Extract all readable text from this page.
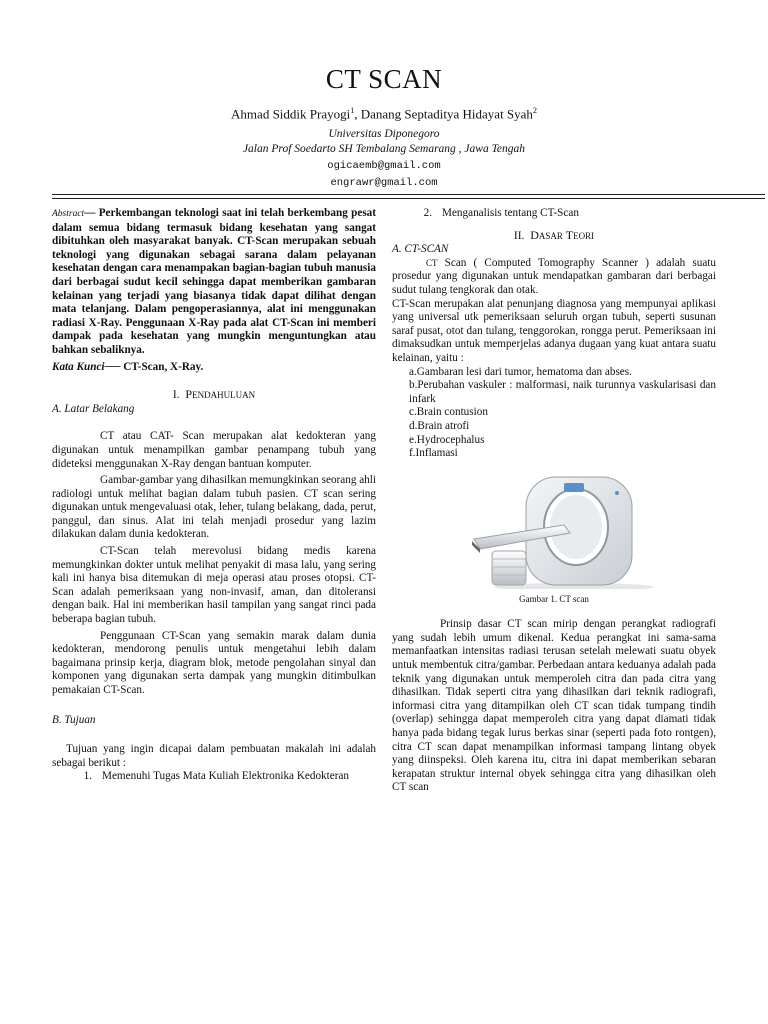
CT SCAN
Ahmad Siddik Prayogi$^1$, Danang Septaditya Hidayat Syah$^2$
Universitas Diponegoro
Jalan Prof Soedarto SH Tembalang Semarang , Jawa Tengah
ogicaemb@gmail.com
engrawr@gmail.com

Abstract— Perkembangan teknologi saat ini telah berkembang pesat dalam semua bidang termasuk bidang kesehatan yang sangat dibituhkan oleh masyarakat banyak. CT-Scan merupakan sebuah teknologi yang digunakan sebagai sarana dalam pelayanan kesehatan dengan cara menampakan bagian-bagian tubuh manusia dari berbagai sudut kecil sehingga dapat memberikan gambaran kelainan yang terjadi yang biasanya tidak dapat dilihat dengan mata telanjang. Dalam pengoperasiannya, alat ini menggunakan radiasi X-Ray. Penggunaan X-Ray pada alat CT-Scan ini memberi dampak pada kesehatan yang mungkin menguntungkan atau bahkan sebaliknya.

Kata Kunci── CT-Scan, X-Ray.

I. PENDAHULUAN
A. Latar Belakang

CT atau CAT- Scan merupakan alat kedokteran yang digunakan untuk menampilkan gambar penampang tubuh yang dideteksi menggunakan X-Ray dengan bantuan komputer.

Gambar-gambar yang dihasilkan memungkinkan seorang ahli radiologi untuk melihat bagian dalam tubuh pasien. CT scan sering digunakan untuk mengevaluasi otak, leher, tulang belakang, dada, perut, panggul, dan sinus. Alat ini telah menjadi prosedur yang lazim dilakukan dalam dunia kedokteran.

CT-Scan telah merevolusi bidang medis karena memungkinkan dokter untuk melihat penyakit di masa lalu, yang sering kali ini hanya bisa ditemukan di meja operasi atau proses otopsi. CT-Scan adalah pemeriksaan yang non-invasif, aman, dan ditoleransi dengan baik. Hal ini memberikan hasil tampilan yang sangat rinci pada beberapa bagian tubuh.

Penggunaan CT-Scan yang semakin marak dalam dunia kedokteran, mendorong penulis untuk mengetahui lebih dalam bagaimana prinsip kerja, diagram blok, metode pengolahan sinyal dan komponen yang digunakan serta dampak yang mungkin ditimbulkan pemakaian CT-Scan.

B. Tujuan

Tujuan yang ingin dicapai dalam pembuatan makalah ini adalah sebagai berikut :

1. Memenuhi Tugas Mata Kuliah Elektronika Kedokteran

2. Menganalisis tentang CT-Scan

II. DASAR TEORI
A. CT-SCAN

CT Scan ( Computed Tomography Scanner ) adalah suatu prosedur yang digunakan untuk mendapatkan gambaran dari berbagai sudut tulang tengkorak dan otak.

CT-Scan merupakan alat penunjang diagnosa yang mempunyai aplikasi yang universal utk pemeriksaan seluruh organ tubuh, seperti susunan saraf pusat, otot dan tulang, tenggorokan, rongga perut. Pemeriksaan ini dimaksudkan untuk memperjelas adanya dugaan yang kuat antara suatu kelainan, yaitu :

a.Gambaran lesi dari tumor, hematoma dan abses.
b.Perubahan vaskuler : malformasi, naik turunnya vaskularisasi dan infark
c.Brain contusion
d.Brain atrofi
e.Hydrocephalus
f.Inflamasi
Gambar 1. CT scan

Prinsip dasar CT scan mirip dengan perangkat radiografi yang sudah lebih umum dikenal. Kedua perangkat ini sama-sama memanfaatkan intensitas radiasi terusan setelah melewati suatu obyek untuk membentuk citra/gambar. Perbedaan antara keduanya adalah pada teknik yang digunakan untuk memperoleh citra dan pada citra yang dihasilkan. Tidak seperti citra yang dihasilkan dari teknik radiografi, informasi citra yang ditampilkan oleh CT scan tidak tumpang tindih (overlap) sehingga dapat memperoleh citra yang dapat diamati tidak hanya pada bidang tegak lurus berkas sinar (seperti pada foto rontgen), citra CT scan dapat menampilkan informasi tampang lintang obyek yang diinspeksi. Oleh karena itu, citra ini dapat memberikan sebaran kerapatan struktur internal obyek sehingga citra yang dihasilkan oleh CT scan
